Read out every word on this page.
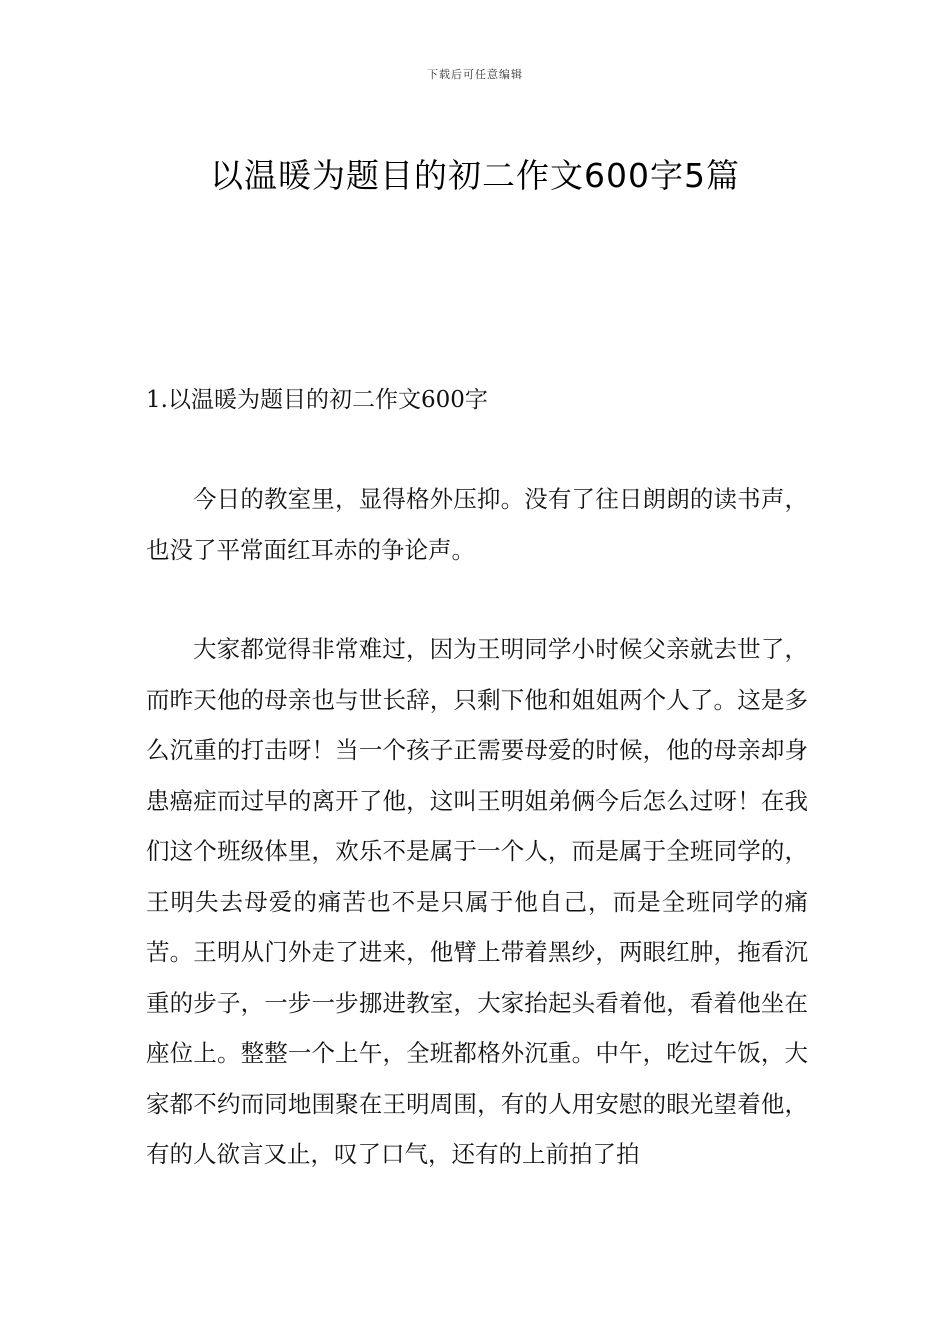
下载后可任意编辑
以温暖为题目的初二作文600字5篇
1.以温暖为题目的初二作文600字

今日的教室里，显得格外压抑。没有了往日朗朗的读书声，也没了平常面红耳赤的争论声。

大家都觉得非常难过，因为王明同学小时候父亲就去世了，而昨天他的母亲也与世长辞，只剩下他和姐姐两个人了。这是多么沉重的打击呀！当一个孩子正需要母爱的时候，他的母亲却身患癌症而过早的离开了他，这叫王明姐弟俩今后怎么过呀！在我们这个班级体里，欢乐不是属于一个人，而是属于全班同学的，王明失去母爱的痛苦也不是只属于他自己，而是全班同学的痛苦。王明从门外走了进来，他臂上带着黑纱，两眼红肿，拖看沉重的步子，一步一步挪进教室，大家抬起头看着他，看着他坐在座位上。整整一个上午，全班都格外沉重。中午，吃过午饭，大家都不约而同地围聚在王明周围，有的人用安慰的眼光望着他，有的人欲言又止，叹了口气，还有的上前拍了拍
